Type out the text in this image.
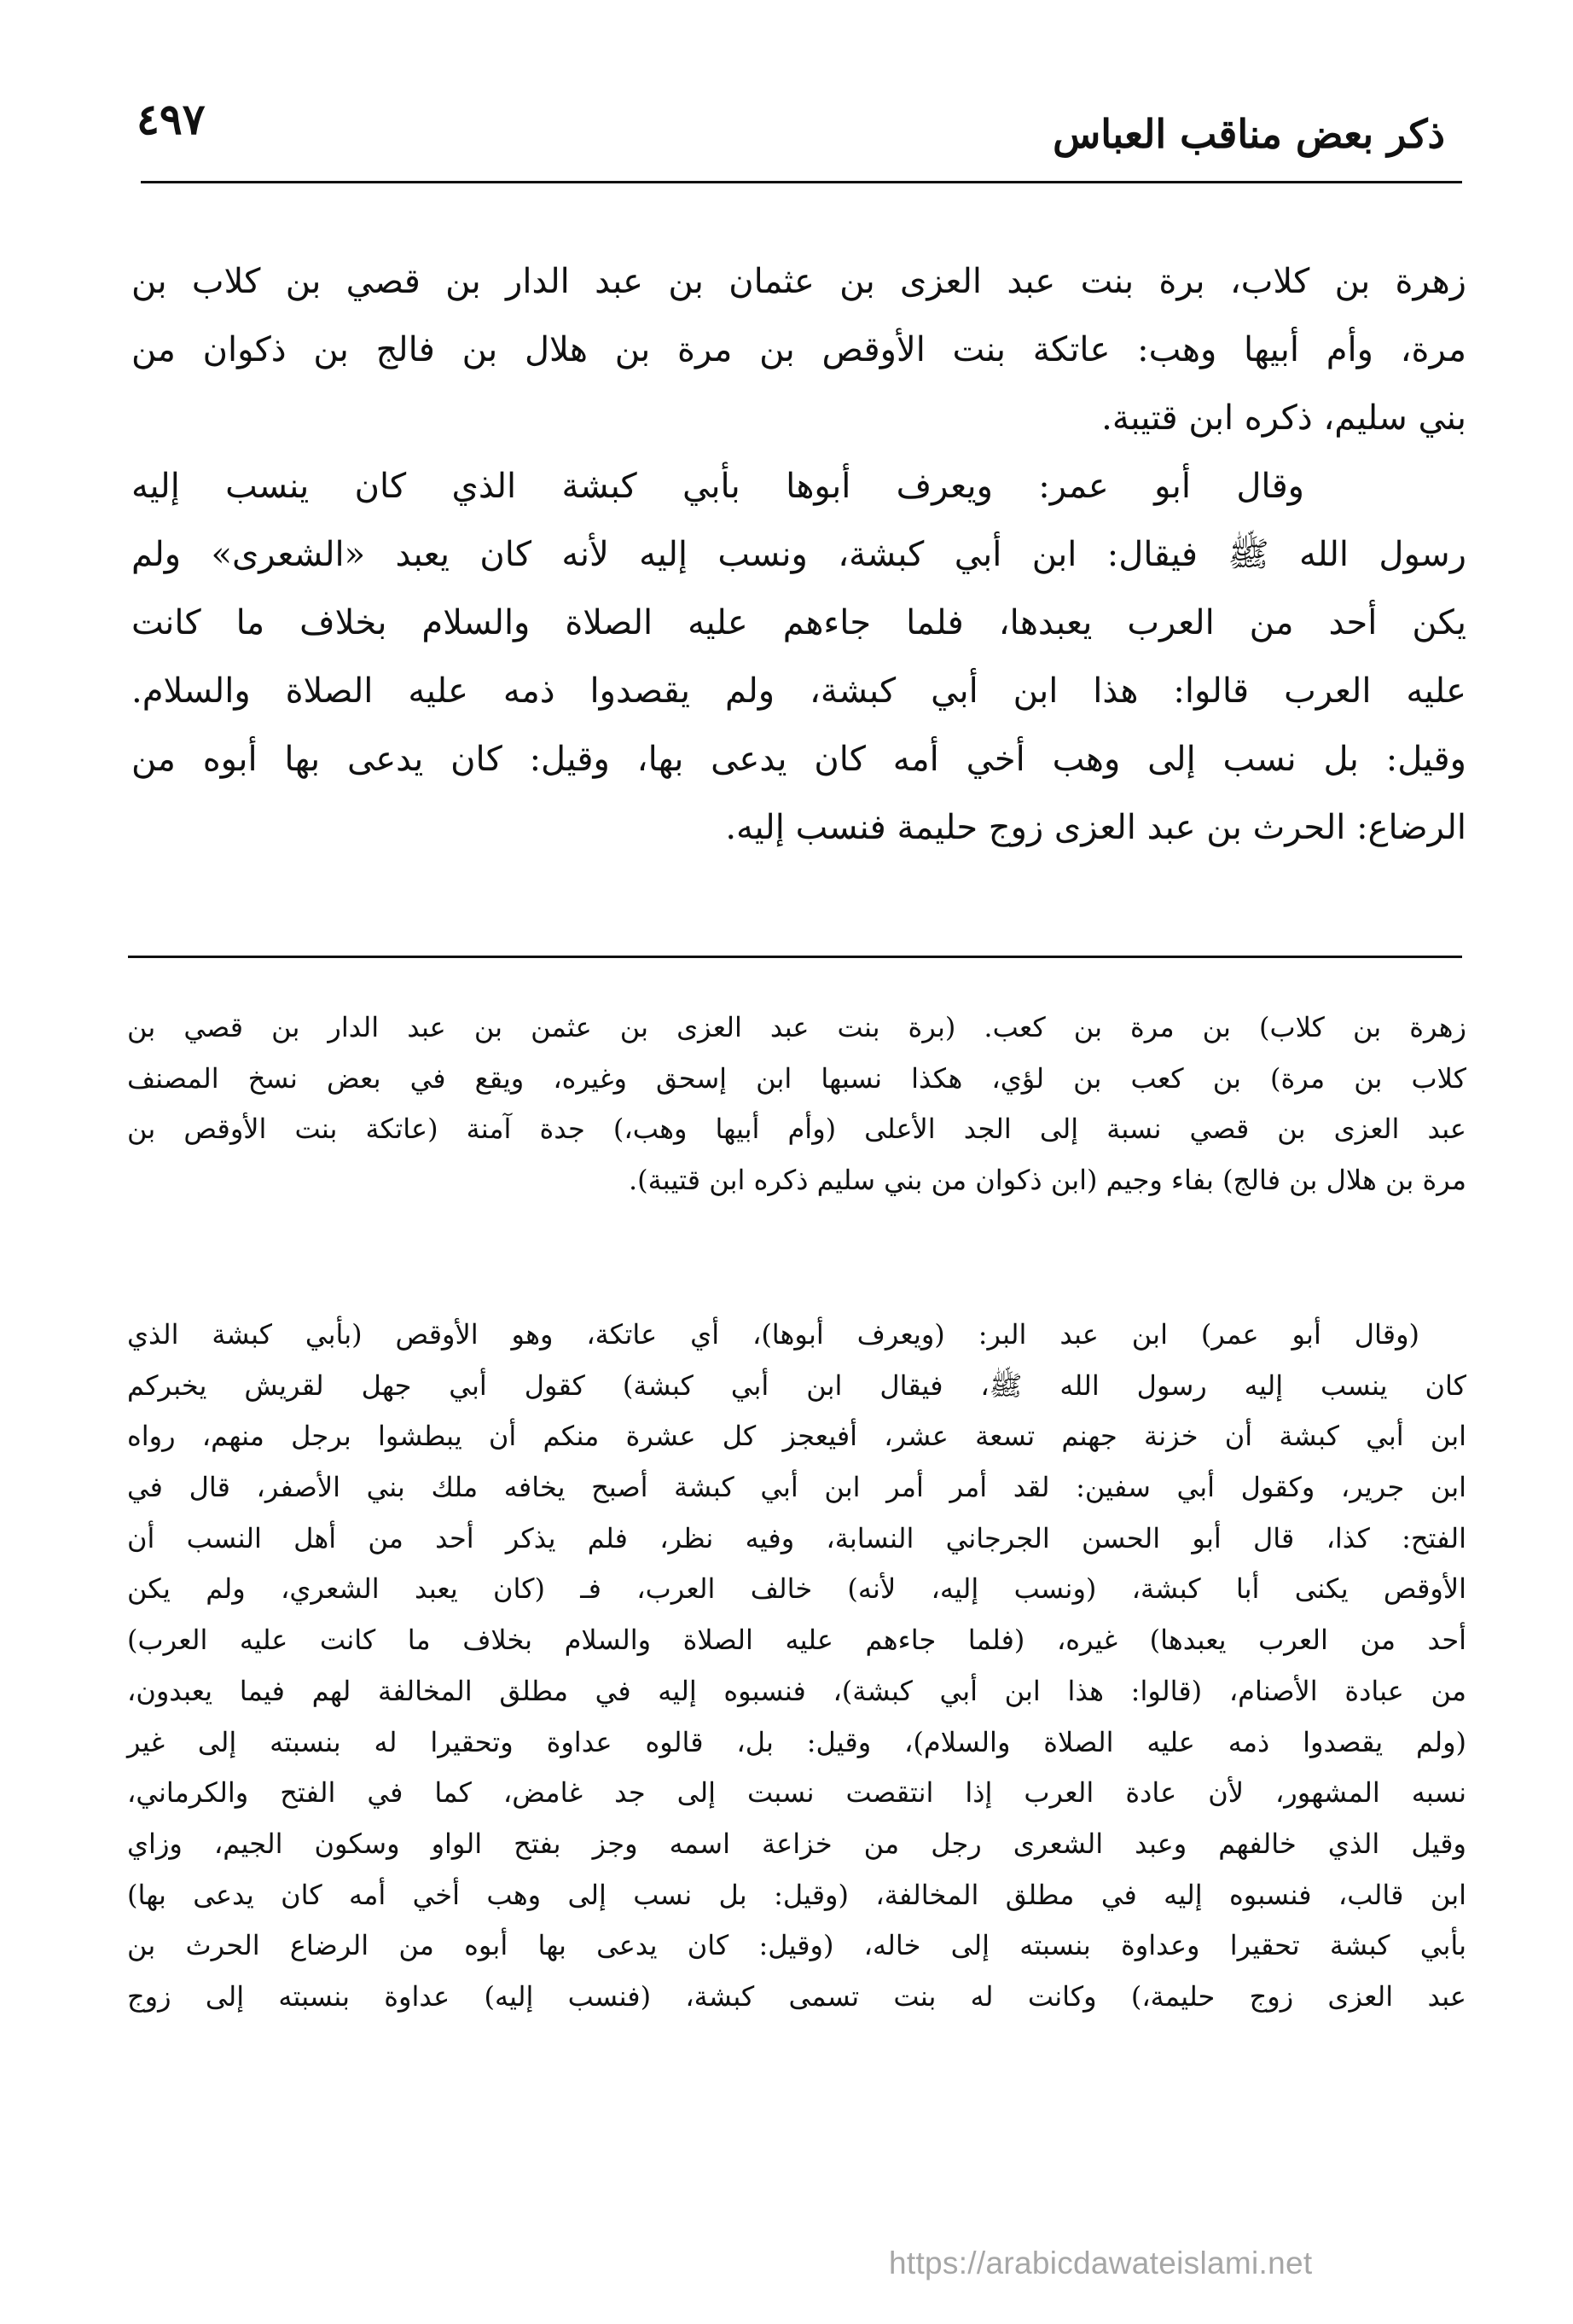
ذكر بعض مناقب العباس
٤٩٧
زهرة بن كلاب، برة بنت عبد العزى بن عثمان بن عبد الدار بن قصي بن كلاب بن
مرة، وأم أبيها وهب: عاتكة بنت الأوقص بن مرة بن هلال بن فالج بن ذكوان من
بني سليم، ذكره ابن قتيبة.
وقال أبو عمر: ويعرف أبوها بأبي كبشة الذي كان ينسب إليه
رسول الله ﷺ فيقال: ابن أبي كبشة، ونسب إليه لأنه كان يعبد «الشعرى» ولم
يكن أحد من العرب يعبدها، فلما جاءهم عليه الصلاة والسلام بخلاف ما كانت
عليه العرب قالوا: هذا ابن أبي كبشة، ولم يقصدوا ذمه عليه الصلاة والسلام.
وقيل: بل نسب إلى وهب أخي أمه كان يدعى بها، وقيل: كان يدعى بها أبوه من
الرضاع: الحرث بن عبد العزى زوج حليمة فنسب إليه.
زهرة بن كلاب) بن مرة بن كعب. (برة بنت عبد العزى بن عثمن بن عبد الدار بن قصي بن
كلاب بن مرة) بن كعب بن لؤي، هكذا نسبها ابن إسحق وغيره، ويقع في بعض نسخ المصنف
عبد العزى بن قصي نسبة إلى الجد الأعلى (وأم أبيها وهب،) جدة آمنة (عاتكة بنت الأوقص بن
مرة بن هلال بن فالج) بفاء وجيم (ابن ذكوان من بني سليم ذكره ابن قتيبة).
(وقال أبو عمر) ابن عبد البر: (ويعرف أبوها)، أي عاتكة، وهو الأوقص (بأبي كبشة الذي
كان ينسب إليه رسول الله ﷺ، فيقال ابن أبي كبشة) كقول أبي جهل لقريش يخبركم
ابن أبي كبشة أن خزنة جهنم تسعة عشر، أفيعجز كل عشرة منكم أن يبطشوا برجل منهم، رواه
ابن جرير، وكقول أبي سفين: لقد أمر أمر ابن أبي كبشة أصبح يخافه ملك بني الأصفر، قال في
الفتح: كذا، قال أبو الحسن الجرجاني النسابة، وفيه نظر، فلم يذكر أحد من أهل النسب أن
الأوقص يكنى أبا كبشة، (ونسب إليه، لأنه) خالف العرب، فـ (كان يعبد الشعري، ولم يكن
أحد من العرب يعبدها) غيره، (فلما جاءهم عليه الصلاة والسلام بخلاف ما كانت عليه العرب)
من عبادة الأصنام، (قالوا: هذا ابن أبي كبشة)، فنسبوه إليه في مطلق المخالفة لهم فيما يعبدون،
(ولم يقصدوا ذمه عليه الصلاة والسلام)، وقيل: بل، قالوه عداوة وتحقيرا له بنسبته إلى غير
نسبه المشهور، لأن عادة العرب إذا انتقصت نسبت إلى جد غامض، كما في الفتح والكرماني،
وقيل الذي خالفهم وعبد الشعرى رجل من خزاعة اسمه وجز بفتح الواو وسكون الجيم، وزاي
ابن قالب، فنسبوه إليه في مطلق المخالفة، (وقيل: بل نسب إلى وهب أخي أمه كان يدعى بها)
بأبي كبشة تحقيرا وعداوة بنسبته إلى خاله، (وقيل: كان يدعى بها أبوه من الرضاع الحرث بن
عبد العزى زوج حليمة،) وكانت له بنت تسمى كبشة، (فنسب إليه) عداوة بنسبته إلى زوج
https://arabicdawateislami.net
